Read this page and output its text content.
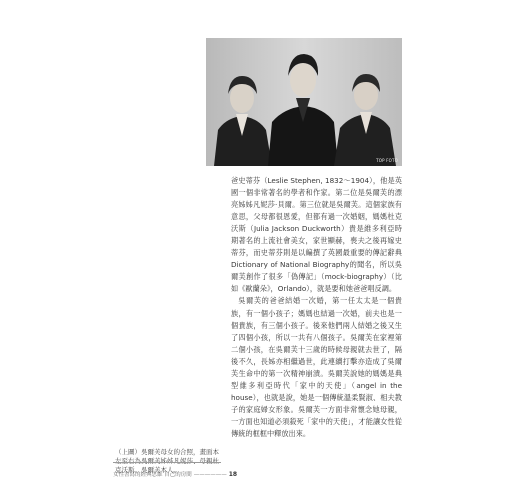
TOP FOTO

爸史蒂芬（Leslie Stephen, 1832～1904），他是英國一個非常著名的學者和作家。第二位是吳爾芙的漂亮姊姊凡妮莎‧貝爾。第三位就是吳爾芙。這個家族有意思，父母都很恩愛，但都有過一次婚姻，媽媽杜克沃斯（Julia Jackson Duckworth）貴是維多利亞時期著名的上流社會美女，家世顯赫，喪夫之後再嫁史蒂芬，而史蒂芬則是以編撰了英國最重要的傳記辭典Dictionary of National Biography的聞名，所以吳爾芙創作了很多「偽傳記」（mock-biography）（比如《歐蘭朵》，Orlando），就是要和她爸爸唱反調。

吳爾芙的爸爸結婚一次婚，第一任太太是一個貴族，有一個小孩子；媽媽也結過一次婚，前夫也是一個貴族，有三個小孩子。後來他們兩人結婚之後又生了四個小孩，所以一共有八個孩子。吳爾芙在家裡第二個小孩，在吳爾芙十三歲的時候母親就去世了，隔後不久，長姊亦相繼過世，此連續打擊亦造成了吳爾芙生命中的第一次精神崩潰。吳爾芙說她的媽媽是典型維多利亞時代「家中的天使」（angel in the house），也就是說，她是一個傳統溫柔賢淑、相夫教子的家庭婦女形象。吳爾芙一方面非常懷念她母親，一方面也知道必須殺死「家中的天使」，才能讓女性從傳統的框框中釋放出來。

（上圖）吳爾芙母女的合照，畫面本左至右為吳爾芙姊姊凡妮莎、母親杜克沃斯、吳爾芙本人。
女性書寫的經典思維 自己的房間 —————— 18
